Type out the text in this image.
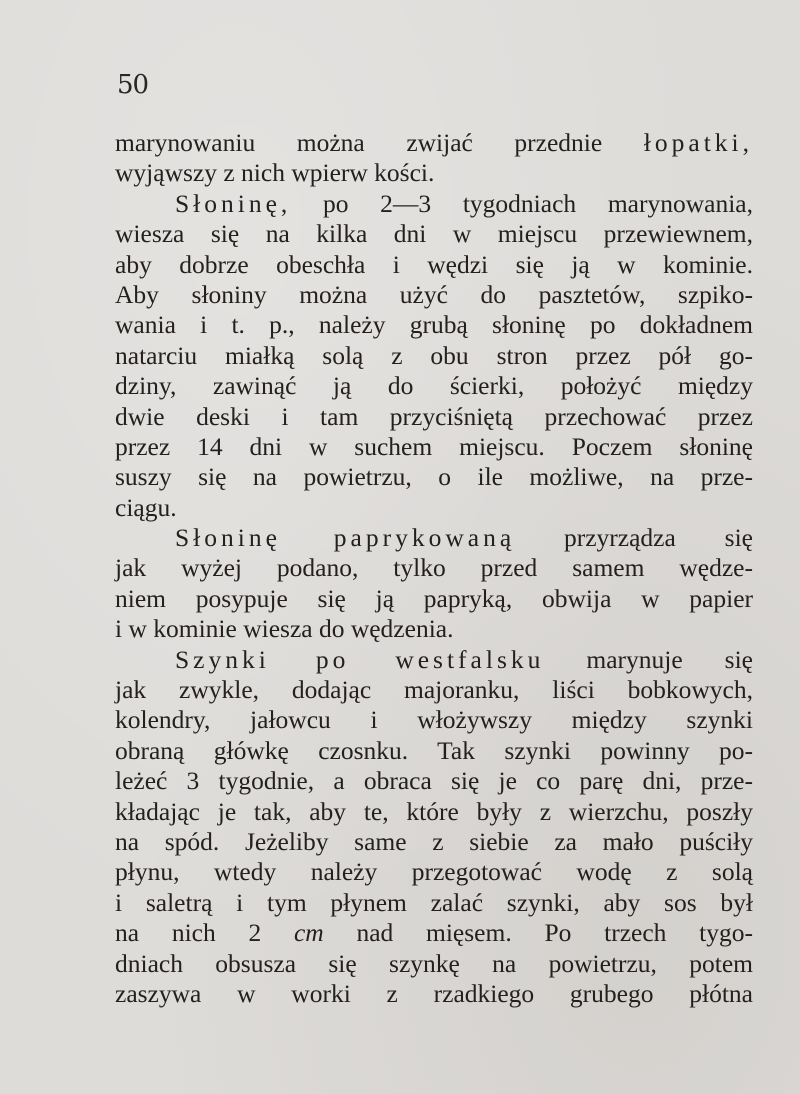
50
marynowaniu można zwijać przednie łopatki,
wyjąwszy z nich wpierw kości.
Słoninę, po 2—3 tygodniach marynowania,
wiesza się na kilka dni w miejscu przewiewnem,
aby dobrze obeschła i wędzi się ją w kominie.
Aby słoniny można użyć do pasztetów, szpiko-
wania i t. p., należy grubą słoninę po dokładnem
natarciu miałką solą z obu stron przez pół go-
dziny, zawinąć ją do ścierki, położyć między
dwie deski i tam przyciśniętą przechować przez
przez 14 dni w suchem miejscu. Poczem słoninę
suszy się na powietrzu, o ile możliwe, na prze-
ciągu.
Słoninę paprykowaną przyrządza się
jak wyżej podano, tylko przed samem wędze-
niem posypuje się ją papryką, obwija w papier
i w kominie wiesza do wędzenia.
Szynki po westfalsku marynuje się
jak zwykle, dodając majoranku, liści bobkowych,
kolendry, jałowcu i włożywszy między szynki
obraną główkę czosnku. Tak szynki powinny po-
leżeć 3 tygodnie, a obraca się je co parę dni, prze-
kładając je tak, aby te, które były z wierzchu, poszły
na spód. Jeżeliby same z siebie za mało puściły
płynu, wtedy należy przegotować wodę z solą
i saletrą i tym płynem zalać szynki, aby sos był
na nich 2 cm nad mięsem. Po trzech tygo-
dniach obsusza się szynkę na powietrzu, potem
zaszywa w worki z rzadkiego grubego płótna
